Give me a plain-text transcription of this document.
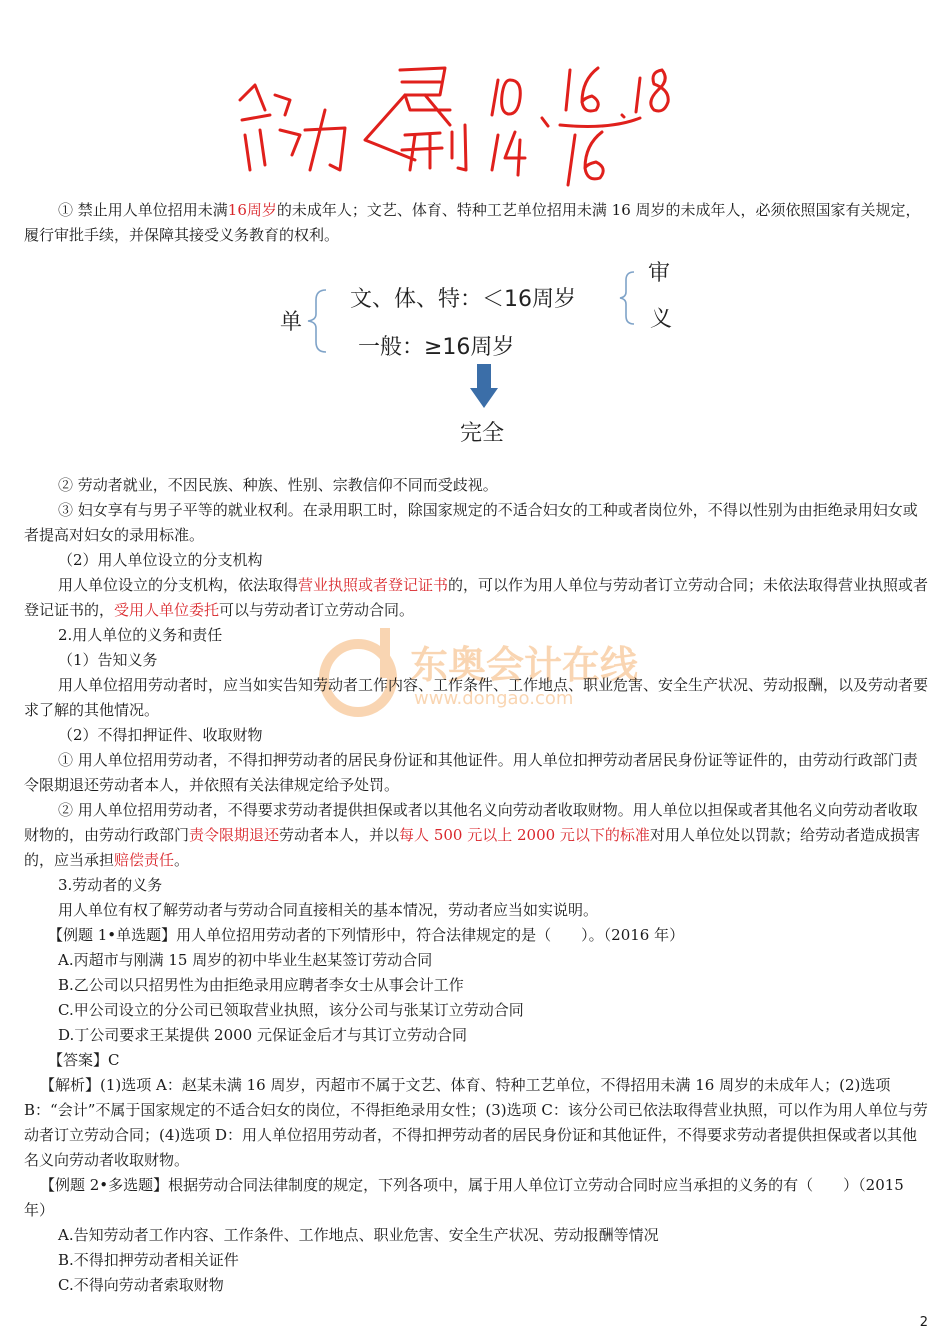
① 禁止用人单位招用未满16周岁的未成年人；文艺、体育、特种工艺单位招用未满 16 周岁的未成年人，必须依照国家有关规定，履行审批手续，并保障其接受义务教育的权利。

单
文、体、特：＜16周岁
一般：≥16周岁
审
义
完全
东奥会计在线
www.dongao.com

② 劳动者就业，不因民族、种族、性别、宗教信仰不同而受歧视。

③ 妇女享有与男子平等的就业权利。在录用职工时，除国家规定的不适合妇女的工种或者岗位外，不得以性别为由拒绝录用妇女或者提高对妇女的录用标准。

（2）用人单位设立的分支机构

用人单位设立的分支机构，依法取得营业执照或者登记证书的，可以作为用人单位与劳动者订立劳动合同；未依法取得营业执照或者登记证书的，受用人单位委托可以与劳动者订立劳动合同。

2.用人单位的义务和责任

（1）告知义务

用人单位招用劳动者时，应当如实告知劳动者工作内容、工作条件、工作地点、职业危害、安全生产状况、劳动报酬，以及劳动者要求了解的其他情况。

（2）不得扣押证件、收取财物

① 用人单位招用劳动者，不得扣押劳动者的居民身份证和其他证件。用人单位扣押劳动者居民身份证等证件的，由劳动行政部门责令限期退还劳动者本人，并依照有关法律规定给予处罚。

② 用人单位招用劳动者，不得要求劳动者提供担保或者以其他名义向劳动者收取财物。用人单位以担保或者其他名义向劳动者收取财物的，由劳动行政部门责令限期退还劳动者本人，并以每人 500 元以上 2000 元以下的标准对用人单位处以罚款；给劳动者造成损害的，应当承担赔偿责任。

3.劳动者的义务

用人单位有权了解劳动者与劳动合同直接相关的基本情况，劳动者应当如实说明。

【例题 1•单选题】用人单位招用劳动者的下列情形中，符合法律规定的是（　　）。（2016 年）

A.丙超市与刚满 15 周岁的初中毕业生赵某签订劳动合同

B.乙公司以只招男性为由拒绝录用应聘者李女士从事会计工作

C.甲公司设立的分公司已领取营业执照，该分公司与张某订立劳动合同

D.丁公司要求王某提供 2000 元保证金后才与其订立劳动合同

【答案】C

【解析】(1)选项 A：赵某未满 16 周岁，丙超市不属于文艺、体育、特种工艺单位，不得招用未满 16 周岁的未成年人；(2)选项 B：“会计”不属于国家规定的不适合妇女的岗位，不得拒绝录用女性；(3)选项 C：该分公司已依法取得营业执照，可以作为用人单位与劳动者订立劳动合同；(4)选项 D：用人单位招用劳动者，不得扣押劳动者的居民身份证和其他证件，不得要求劳动者提供担保或者以其他名义向劳动者收取财物。

【例题 2•多选题】根据劳动合同法律制度的规定，下列各项中，属于用人单位订立劳动合同时应当承担的义务的有（　　）（2015 年）

A.告知劳动者工作内容、工作条件、工作地点、职业危害、安全生产状况、劳动报酬等情况

B.不得扣押劳动者相关证件

C.不得向劳动者索取财物

2
